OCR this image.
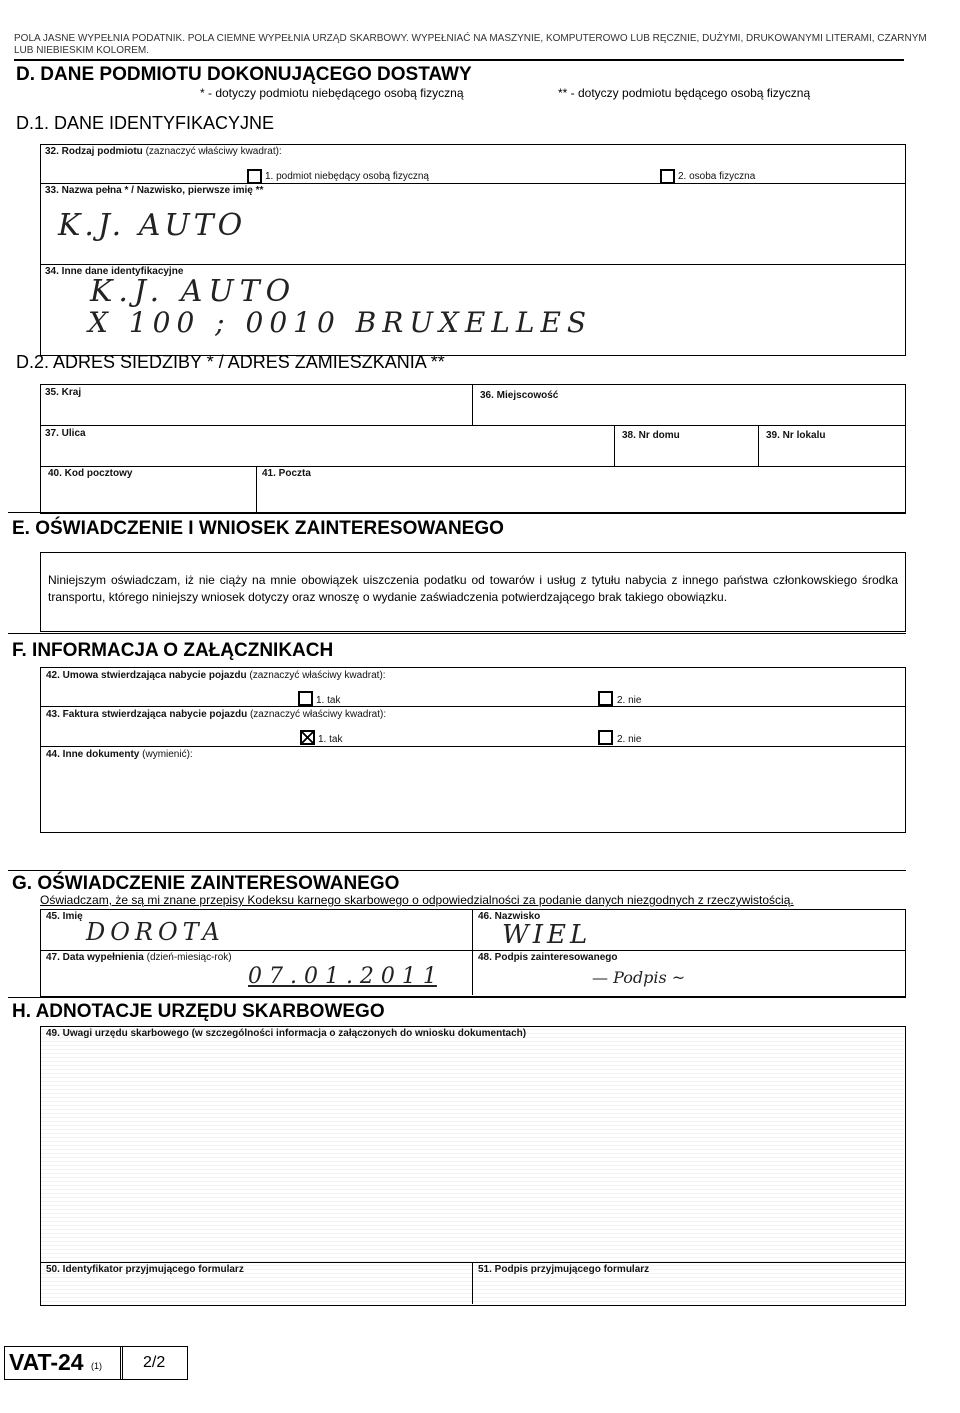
POLA JASNE WYPEŁNIA PODATNIK. POLA CIEMNE WYPEŁNIA URZĄD SKARBOWY. WYPEŁNIAĆ NA MASZYNIE, KOMPUTEROWO LUB RĘCZNIE, DUŻYMI, DRUKOWANYMI LITERAMI, CZARNYM LUB NIEBIESKIM KOLOREM.
D. DANE PODMIOTU DOKONUJĄCEGO DOSTAWY
* - dotyczy podmiotu niebędącego osobą fizyczną	** - dotyczy podmiotu będącego osobą fizyczną
D.1. DANE IDENTYFIKACYJNE
32. Rodzaj podmiotu (zaznaczyć właściwy kwadrat):
1. podmiot niebędący osobą fizyczną	2. osoba fizyczna
33. Nazwa pełna * / Nazwisko, pierwsze imię **
K.J. AUTO
34. Inne dane identyfikacyjne
K.J. AUTO
X 100 ; 0010 BRUXELLES
D.2. ADRES SIEDZIBY * / ADRES ZAMIESZKANIA **
35. Kraj	36. Miejscowość
37. Ulica	38. Nr domu	39. Nr lokalu
40. Kod pocztowy	41. Poczta
E. OŚWIADCZENIE I WNIOSEK ZAINTERESOWANEGO
Niniejszym oświadczam, iż nie ciąży na mnie obowiązek uiszczenia podatku od towarów i usług z tytułu nabycia z innego państwa członkowskiego środka transportu, którego niniejszy wniosek dotyczy oraz wnoszę o wydanie zaświadczenia potwierdzającego brak takiego obowiązku.
F. INFORMACJA O ZAŁĄCZNIKACH
42. Umowa stwierdzająca nabycie pojazdu (zaznaczyć właściwy kwadrat):
1. tak	2. nie
43. Faktura stwierdzająca nabycie pojazdu (zaznaczyć właściwy kwadrat):
1. tak	2. nie
44. Inne dokumenty (wymienić):
G. OŚWIADCZENIE ZAINTERESOWANEGO
Oświadczam, że są mi znane przepisy Kodeksu karnego skarbowego o odpowiedzialności za podanie danych niezgodnych z rzeczywistością.
45. Imię
DOROTA
46. Nazwisko
WIEL
47. Data wypełnienia (dzień-miesiąc-rok)
0 7 . 0 1 . 2 0 1 1
48. Podpis zainteresowanego
— Podpis ~
H. ADNOTACJE URZĘDU SKARBOWEGO
49. Uwagi urzędu skarbowego (w szczególności informacja o załączonych do wniosku dokumentach)
50. Identyfikator przyjmującego formularz	51. Podpis przyjmującego formularz
VAT-24 (1)	2/2
